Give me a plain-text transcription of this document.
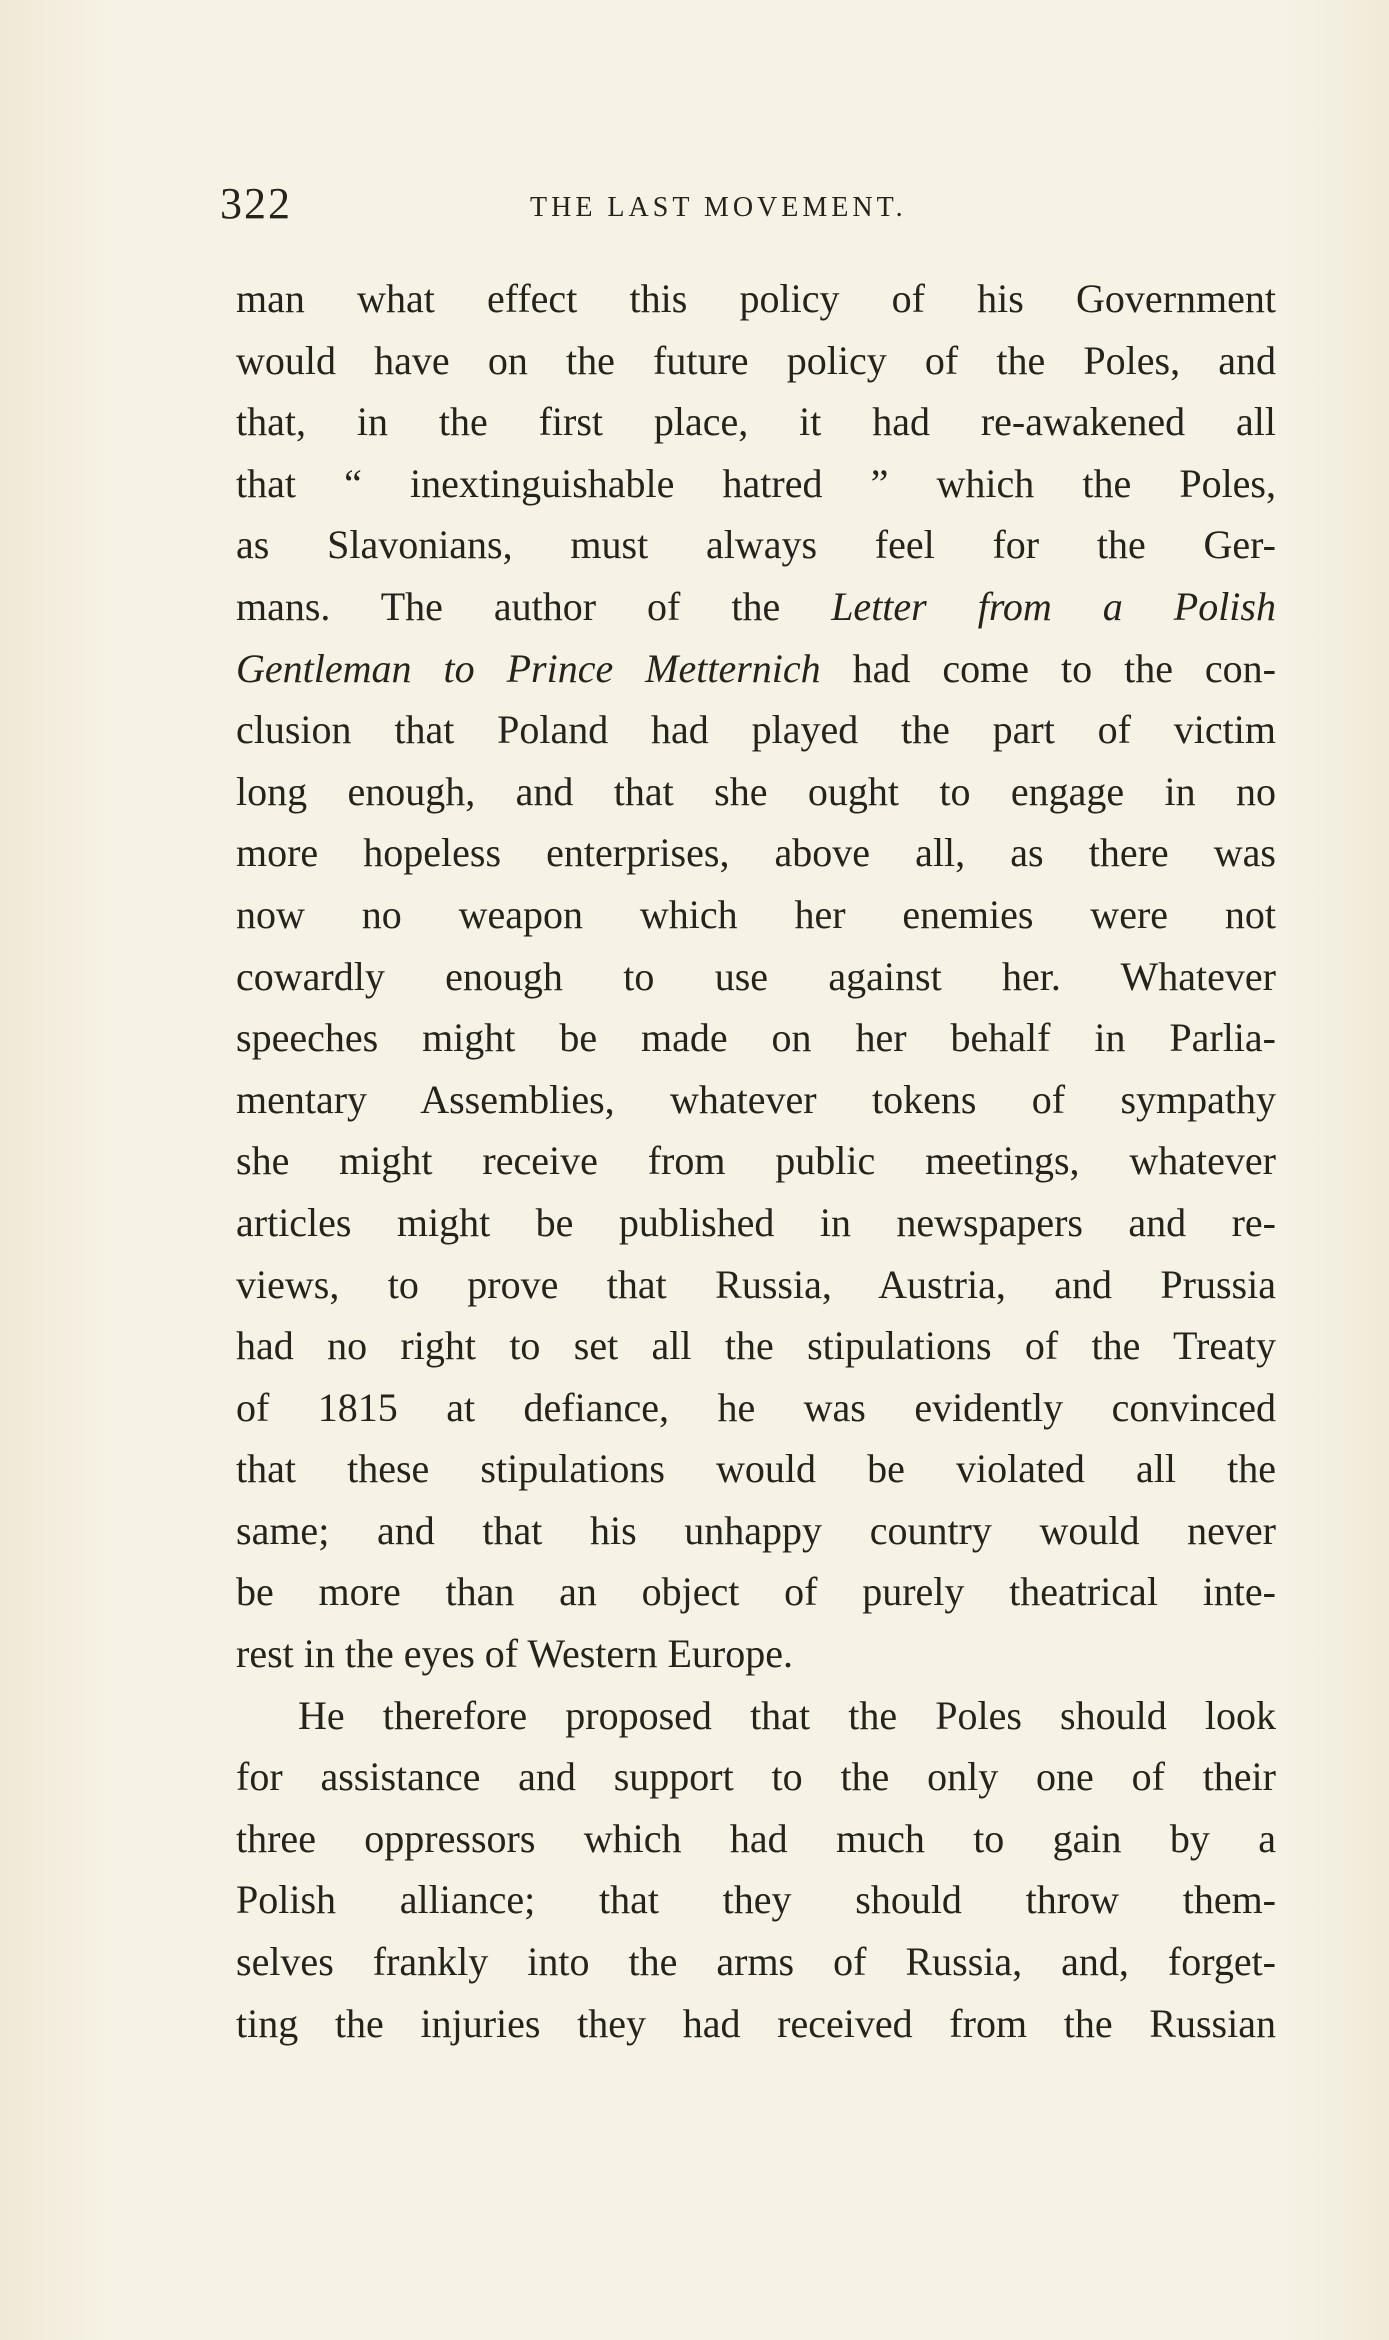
322	THE LAST MOVEMENT.
man what effect this policy of his Government
would have on the future policy of the Poles, and
that, in the first place, it had re-awakened all
that “ inextinguishable hatred ” which the Poles,
as Slavonians, must always feel for the Ger-
mans. The author of the Letter from a Polish
Gentleman to Prince Metternich had come to the con-
clusion that Poland had played the part of victim
long enough, and that she ought to engage in no
more hopeless enterprises, above all, as there was
now no weapon which her enemies were not
cowardly enough to use against her. Whatever
speeches might be made on her behalf in Parlia-
mentary Assemblies, whatever tokens of sympathy
she might receive from public meetings, whatever
articles might be published in newspapers and re-
views, to prove that Russia, Austria, and Prussia
had no right to set all the stipulations of the Treaty
of 1815 at defiance, he was evidently convinced
that these stipulations would be violated all the
same; and that his unhappy country would never
be more than an object of purely theatrical inte-
rest in the eyes of Western Europe.
He therefore proposed that the Poles should look
for assistance and support to the only one of their
three oppressors which had much to gain by a
Polish alliance; that they should throw them-
selves frankly into the arms of Russia, and, forget-
ting the injuries they had received from the Russian
